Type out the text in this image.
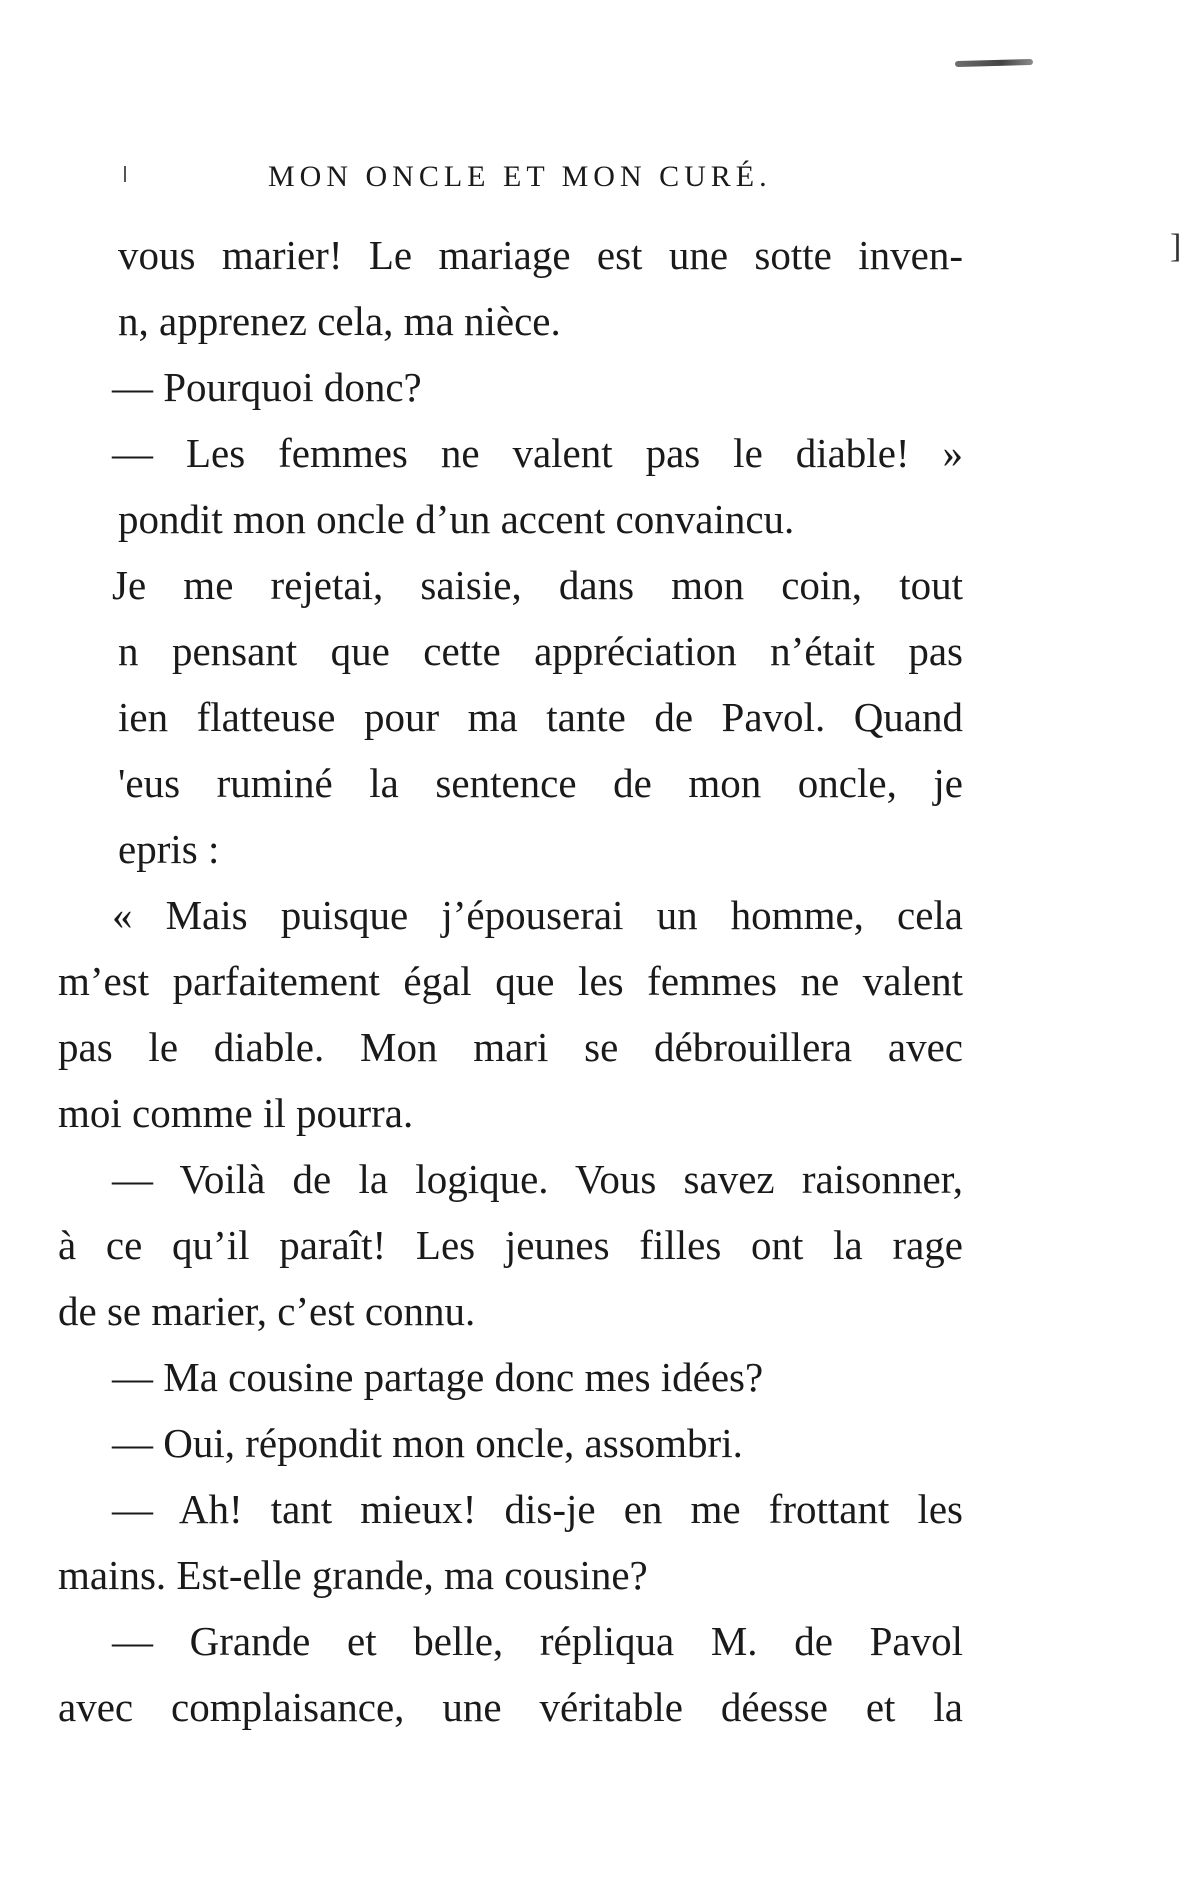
MON ONCLE ET MON CURÉ.
]
vous marier! Le mariage est une sotte inven-
n, apprenez cela, ma nièce.
— Pourquoi donc?
— Les femmes ne valent pas le diable! »
pondit mon oncle d’un accent convaincu.
Je me rejetai, saisie, dans mon coin, tout
n pensant que cette appréciation n’était pas
ien flatteuse pour ma tante de Pavol. Quand
'eus ruminé la sentence de mon oncle, je
epris :
« Mais puisque j’épouserai un homme, cela
m’est parfaitement égal que les femmes ne valent
pas le diable. Mon mari se débrouillera avec
moi comme il pourra.
— Voilà de la logique. Vous savez raisonner,
à ce qu’il paraît! Les jeunes filles ont la rage
de se marier, c’est connu.
— Ma cousine partage donc mes idées?
— Oui, répondit mon oncle, assombri.
— Ah! tant mieux! dis-je en me frottant les
mains. Est-elle grande, ma cousine?
— Grande et belle, répliqua M. de Pavol
avec complaisance, une véritable déesse et la
